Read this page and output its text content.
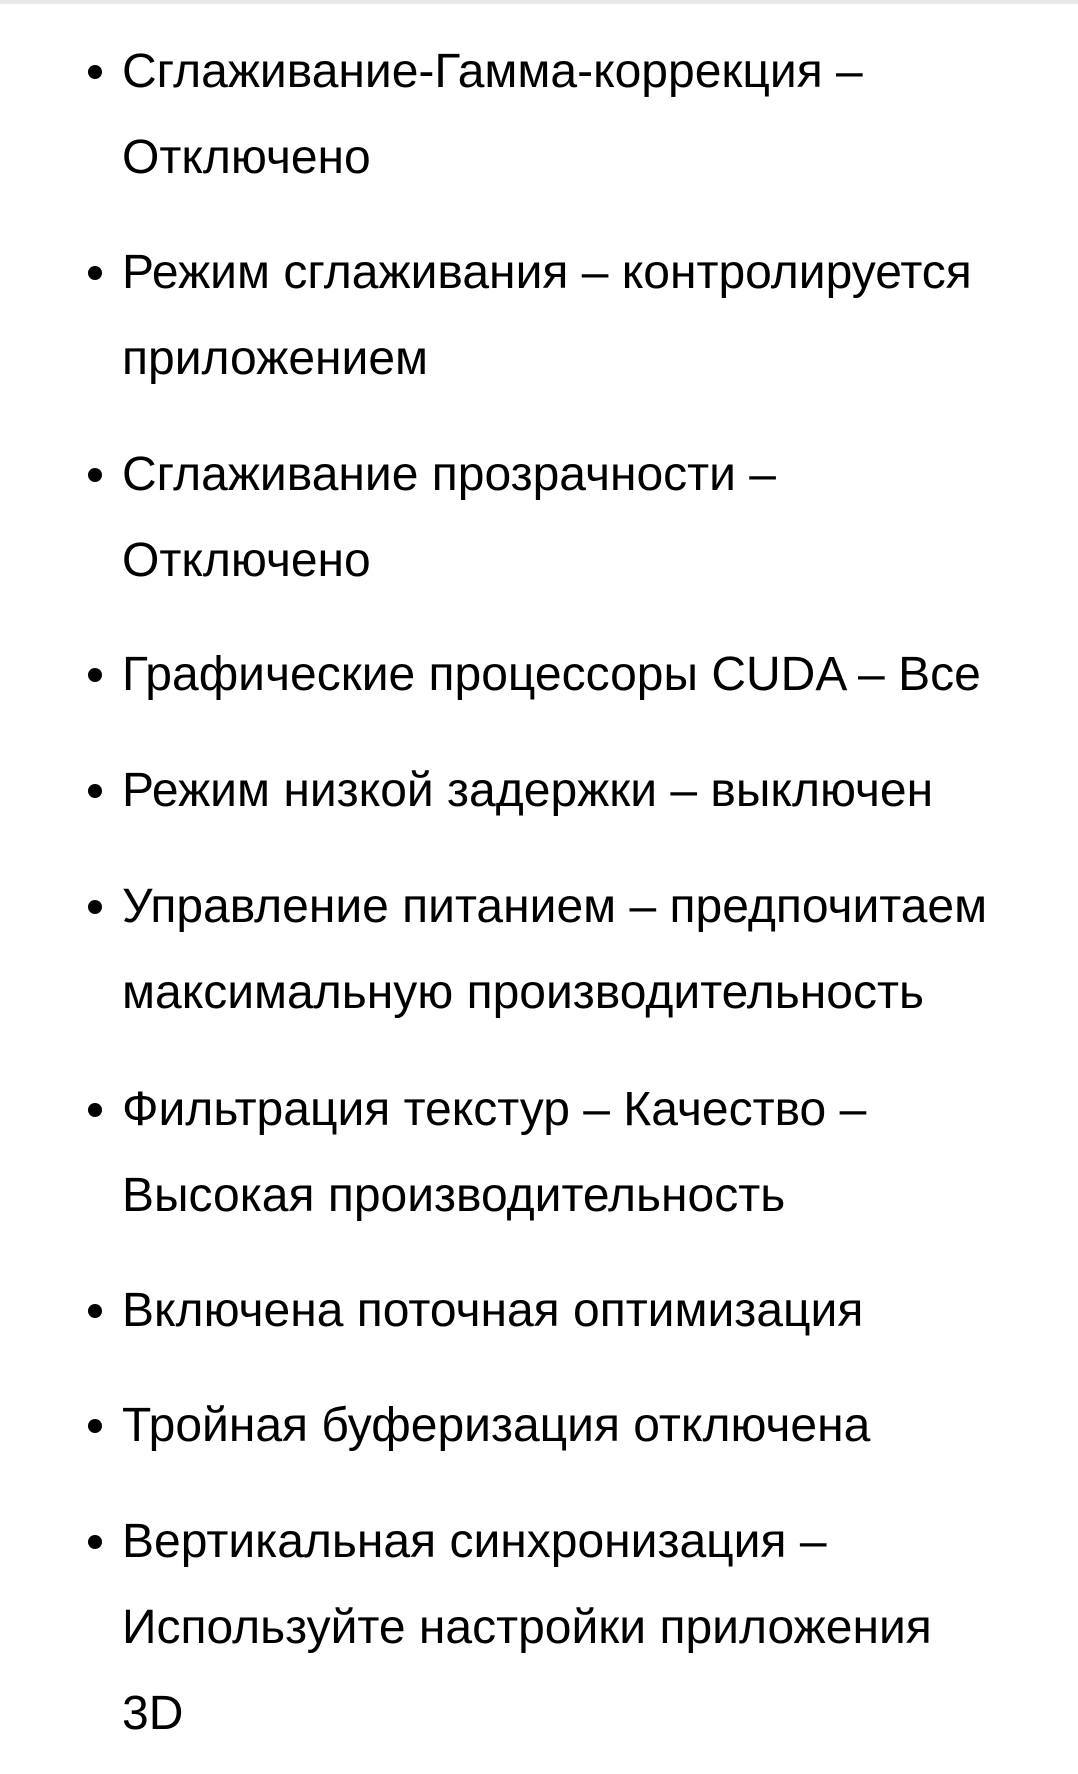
Сглаживание-Гамма-коррекция –
Отключено
Режим сглаживания – контролируется
приложением
Сглаживание прозрачности –
Отключено
Графические процессоры CUDA – Все
Режим низкой задержки – выключен
Управление питанием – предпочитаем
максимальную производительность
Фильтрация текстур – Качество –
Высокая производительность
Включена поточная оптимизация
Тройная буферизация отключена
Вертикальная синхронизация –
Используйте настройки приложения
3D
